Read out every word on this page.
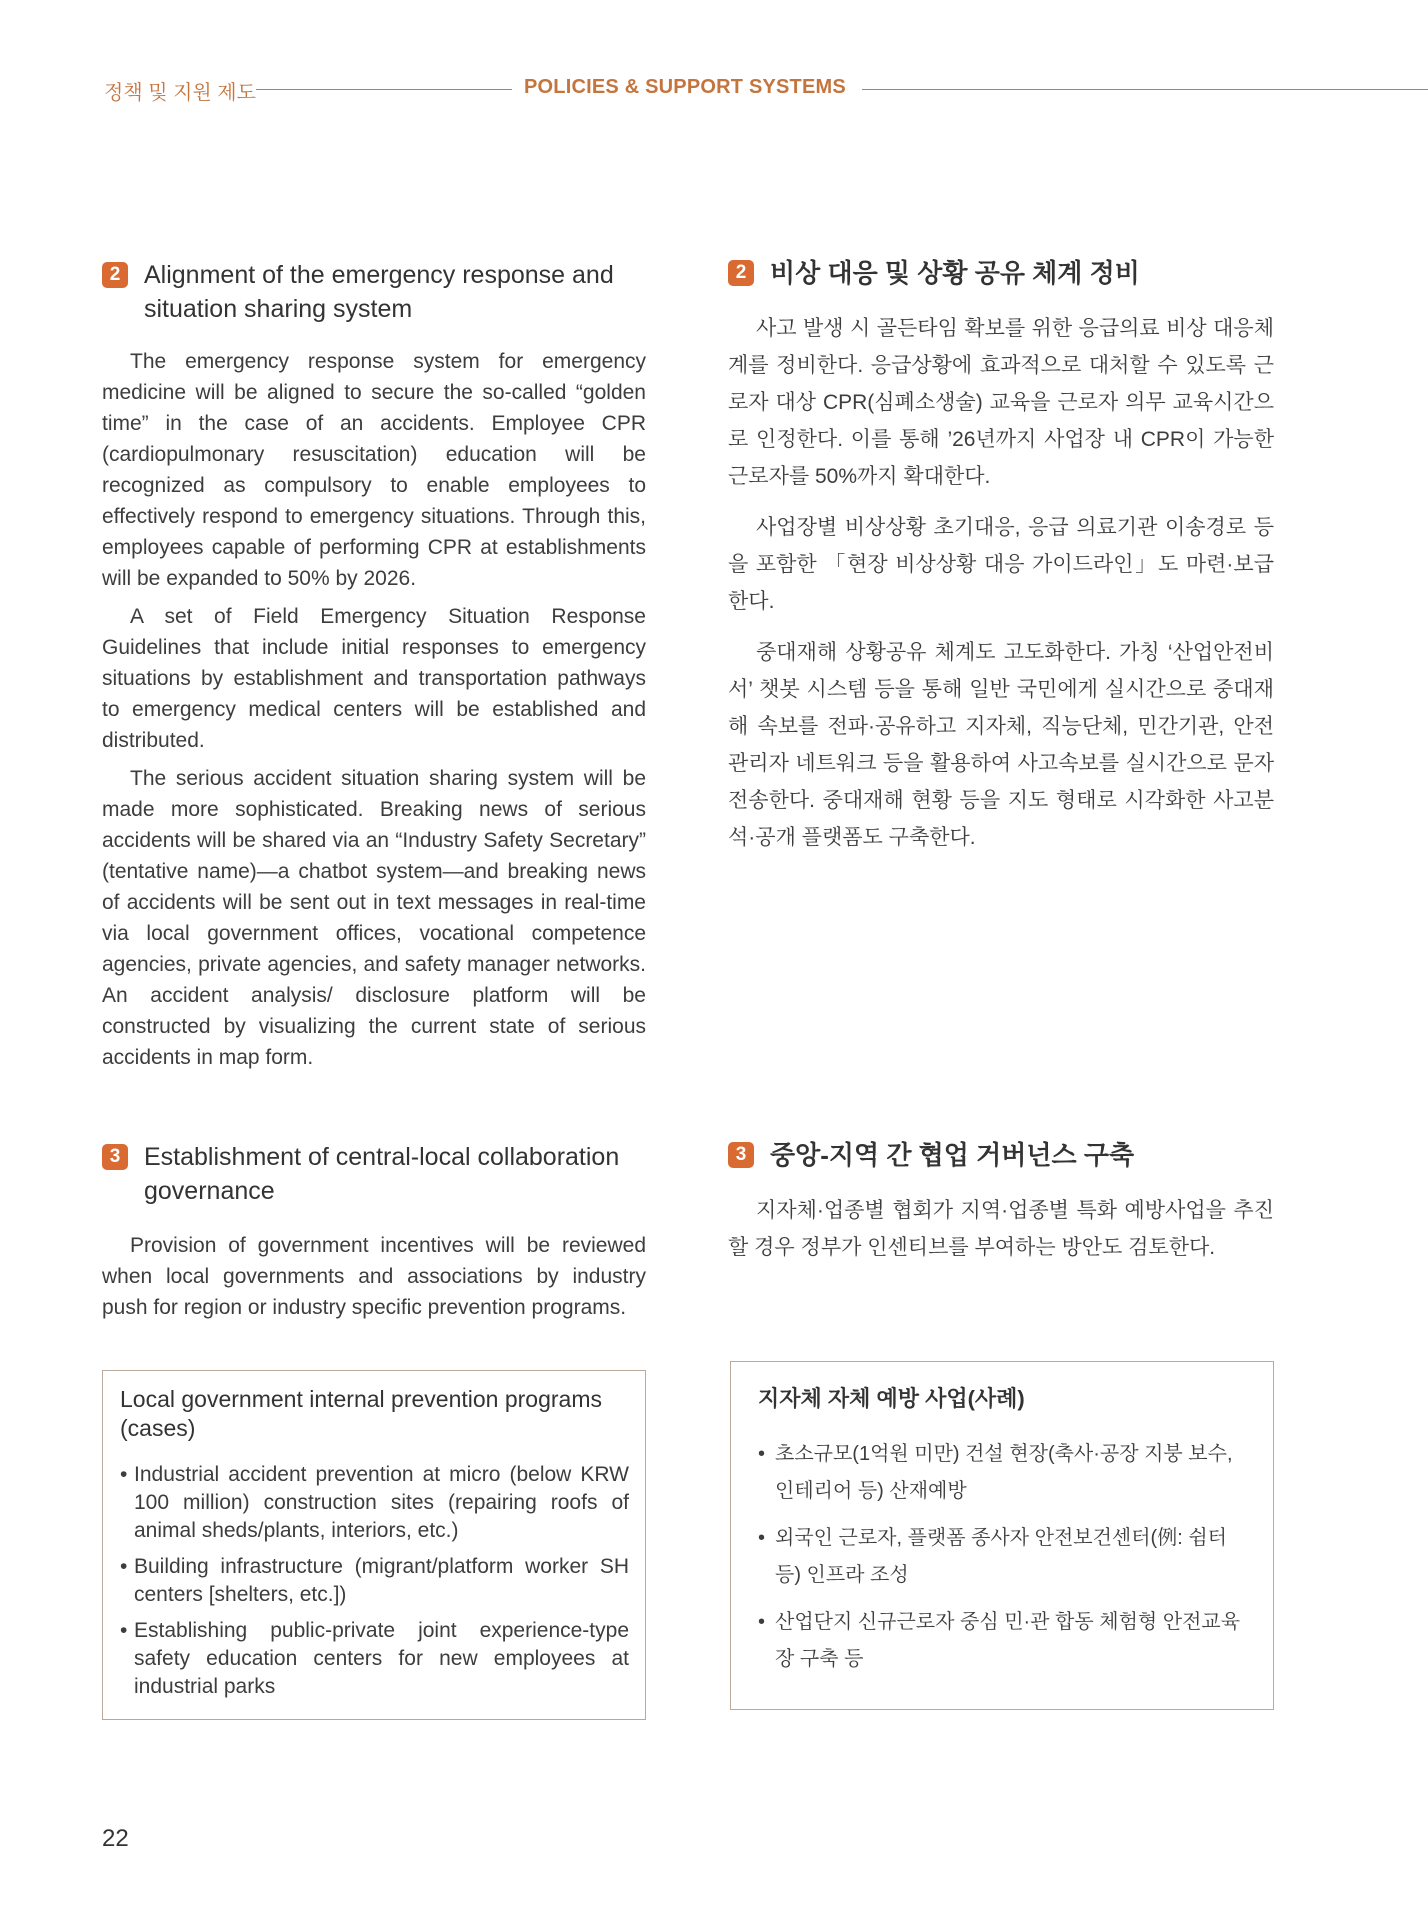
정책 및 지원 제도	POLICIES & SUPPORT SYSTEMS
2 Alignment of the emergency response and situation sharing system

The emergency response system for emergency medicine will be aligned to secure the so-called “golden time” in the case of an accidents. Employee CPR (cardiopulmonary resuscitation) education will be recognized as compulsory to enable employees to effectively respond to emergency situations. Through this, employees capable of performing CPR at establishments will be expanded to 50% by 2026.

A set of Field Emergency Situation Response Guidelines that include initial responses to emergency situations by establishment and transportation pathways to emergency medical centers will be established and distributed.

The serious accident situation sharing system will be made more sophisticated. Breaking news of serious accidents will be shared via an “Industry Safety Secretary” (tentative name)—a chatbot system—and breaking news of accidents will be sent out in text messages in real-time via local government offices, vocational competence agencies, private agencies, and safety manager networks. An accident analysis/ disclosure platform will be constructed by visualizing the current state of serious accidents in map form.

2 비상 대응 및 상황 공유 체계 정비

사고 발생 시 골든타임 확보를 위한 응급의료 비상 대응체계를 정비한다. 응급상황에 효과적으로 대처할 수 있도록 근로자 대상 CPR(심폐소생술) 교육을 근로자 의무 교육시간으로 인정한다. 이를 통해 ’26년까지 사업장 내 CPR이 가능한 근로자를 50%까지 확대한다.

사업장별 비상상황 초기대응, 응급 의료기관 이송경로 등을 포함한 「현장 비상상황 대응 가이드라인」도 마련·보급한다.

중대재해 상황공유 체계도 고도화한다. 가칭 ‘산업안전비서’ 챗봇 시스템 등을 통해 일반 국민에게 실시간으로 중대재해 속보를 전파·공유하고 지자체, 직능단체, 민간기관, 안전관리자 네트워크 등을 활용하여 사고속보를 실시간으로 문자 전송한다. 중대재해 현황 등을 지도 형태로 시각화한 사고분석·공개 플랫폼도 구축한다.

3 Establishment of central-local collaboration governance

Provision of government incentives will be reviewed when local governments and associations by industry push for region or industry specific prevention programs.

3 중앙-지역 간 협업 거버넌스 구축

지자체·업종별 협회가 지역·업종별 특화 예방사업을 추진할 경우 정부가 인센티브를 부여하는 방안도 검토한다.

Local government internal prevention programs (cases)

• Industrial accident prevention at micro (below KRW 100 million) construction sites (repairing roofs of animal sheds/plants, interiors, etc.)

• Building infrastructure (migrant/platform worker SH centers [shelters, etc.])

• Establishing public-private joint experience-type safety education centers for new employees at industrial parks

지자체 자체 예방 사업(사례)

• 초소규모(1억원 미만) 건설 현장(축사·공장 지붕 보수, 인테리어 등) 산재예방

• 외국인 근로자, 플랫폼 종사자 안전보건센터(例: 쉼터 등) 인프라 조성

• 산업단지 신규근로자 중심 민·관 합동 체험형 안전교육장 구축 등

22
